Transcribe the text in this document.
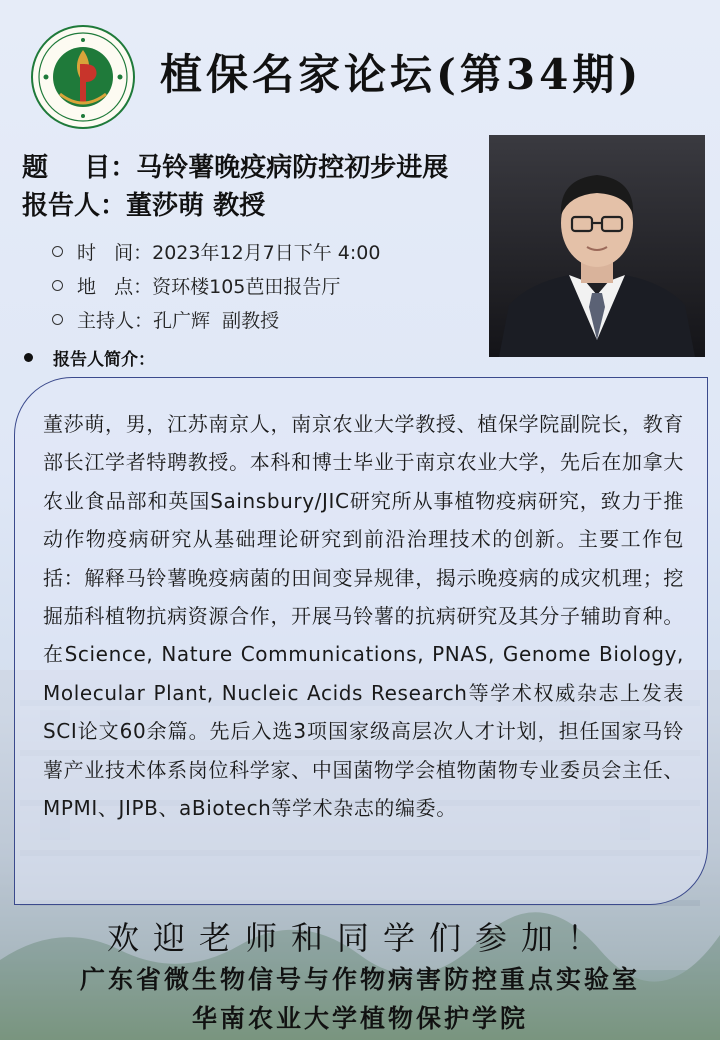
植保名家论坛(第34期)
题    目：马铃薯晚疫病防控初步进展
报告人：董莎萌 教授
时   间： 2023年12月7日下午 4:00
地   点： 资环楼105芭田报告厅
主持人： 孔广辉  副教授
报告人简介：
董莎萌，男，江苏南京人，南京农业大学教授、植保学院副院长，教育部长江学者特聘教授。本科和博士毕业于南京农业大学，先后在加拿大农业食品部和英国Sainsbury/JIC研究所从事植物疫病研究，致力于推动作物疫病研究从基础理论研究到前沿治理技术的创新。主要工作包括：解释马铃薯晚疫病菌的田间变异规律，揭示晚疫病的成灾机理；挖掘茄科植物抗病资源合作，开展马铃薯的抗病研究及其分子辅助育种。在Science, Nature Communications, PNAS, Genome Biology, Molecular Plant, Nucleic Acids Research等学术权威杂志上发表SCI论文60余篇。先后入选3项国家级高层次人才计划，担任国家马铃薯产业技术体系岗位科学家、中国菌物学会植物菌物专业委员会主任、MPMI、JIPB、aBiotech等学术杂志的编委。
欢迎老师和同学们参加！
广东省微生物信号与作物病害防控重点实验室
华南农业大学植物保护学院
